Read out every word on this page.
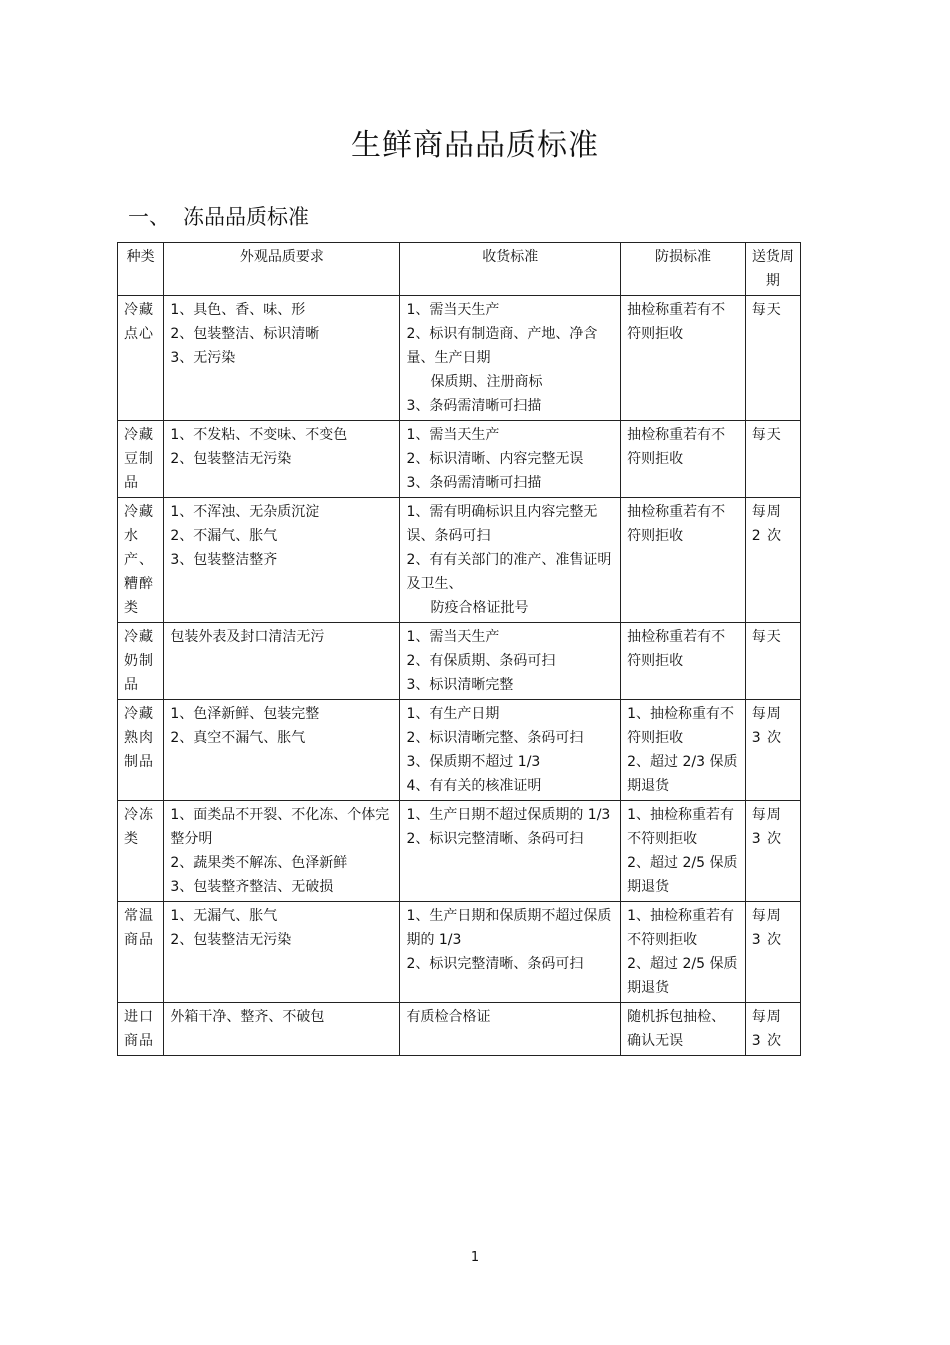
生鲜商品品质标准
一、 冻品品质标准
种类	外观品质要求	收货标准	防损标准	送货周期
冷藏点心	1、具色、香、味、形
2、包装整洁、标识清晰
3、无污染	1、需当天生产
2、标识有制造商、产地、净含量、生产日期
保质期、注册商标
3、条码需清晰可扫描	抽检称重若有不符则拒收	每天
冷藏豆制品	1、不发粘、不变味、不变色
2、包装整洁无污染	1、需当天生产
2、标识清晰、内容完整无误
3、条码需清晰可扫描	抽检称重若有不符则拒收	每天
冷藏水产、糟醉类	1、不浑浊、无杂质沉淀
2、不漏气、胀气
3、包装整洁整齐	1、需有明确标识且内容完整无误、条码可扫
2、有有关部门的准产、准售证明及卫生、
防疫合格证批号	抽检称重若有不符则拒收	每周 2 次
冷藏奶制品	包装外表及封口清洁无污	1、需当天生产
2、有保质期、条码可扫
3、标识清晰完整	抽检称重若有不符则拒收	每天
冷藏熟肉制品	1、色泽新鲜、包装完整
2、真空不漏气、胀气	1、有生产日期
2、标识清晰完整、条码可扫
3、保质期不超过 1/3
4、有有关的核准证明	1、抽检称重有不符则拒收
2、超过 2/3 保质期退货	每周 3 次
冷冻类	1、面类品不开裂、不化冻、个体完整分明
2、蔬果类不解冻、色泽新鲜
3、包装整齐整洁、无破损	1、生产日期不超过保质期的 1/3
2、标识完整清晰、条码可扫	1、抽检称重若有不符则拒收
2、超过 2/5 保质期退货	每周 3 次
常温商品	1、无漏气、胀气
2、包装整洁无污染	1、生产日期和保质期不超过保质期的 1/3
2、标识完整清晰、条码可扫	1、抽检称重若有不符则拒收
2、超过 2/5 保质期退货	每周 3 次
进口商品	外箱干净、整齐、不破包	有质检合格证	随机拆包抽检、确认无误	每周 3 次
1
